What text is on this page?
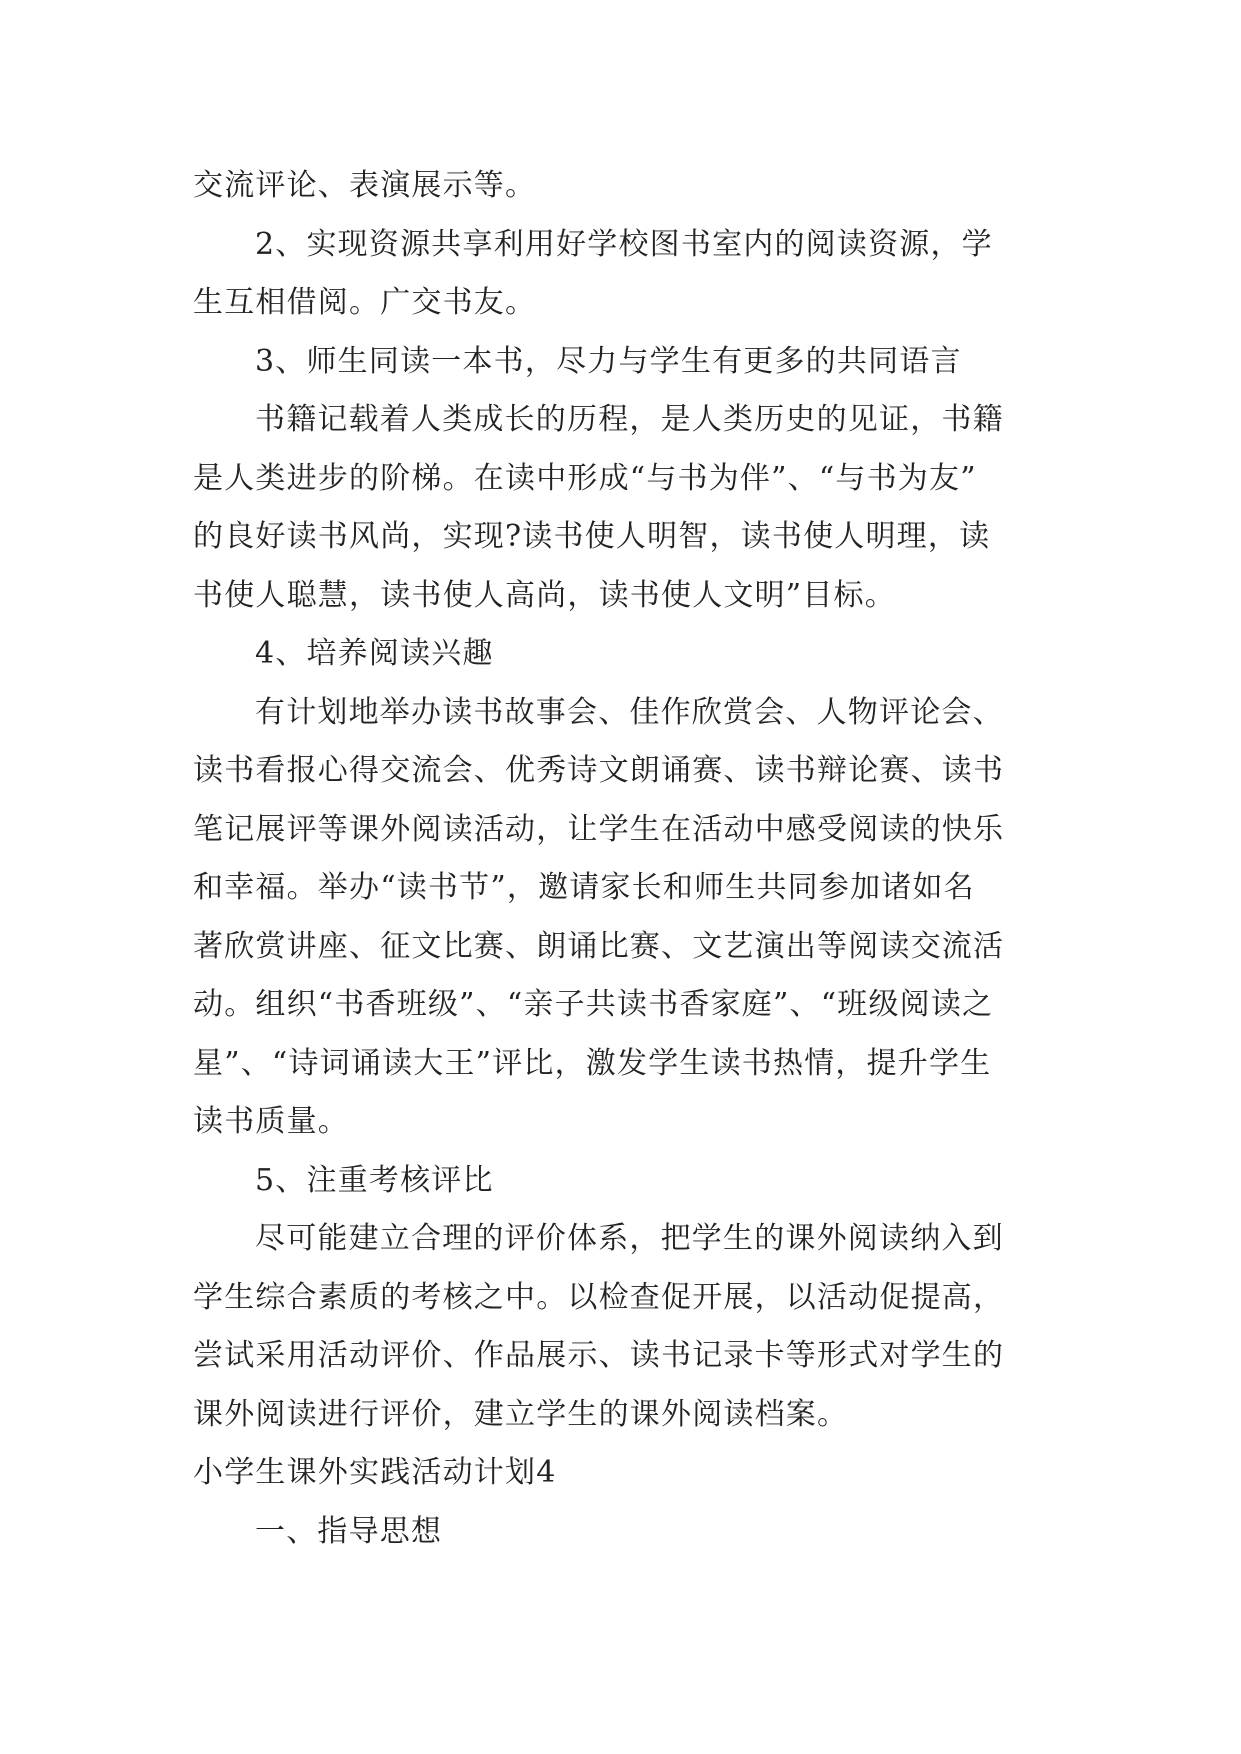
交流评论、表演展示等。
2、实现资源共享利用好学校图书室内的阅读资源，学
生互相借阅。广交书友。
3、师生同读一本书，尽力与学生有更多的共同语言
书籍记载着人类成长的历程，是人类历史的见证，书籍
是人类进步的阶梯。在读中形成“与书为伴”、“与书为友”
的良好读书风尚，实现?读书使人明智，读书使人明理，读
书使人聪慧，读书使人高尚，读书使人文明”目标。
4、培养阅读兴趣
有计划地举办读书故事会、佳作欣赏会、人物评论会、
读书看报心得交流会、优秀诗文朗诵赛、读书辩论赛、读书
笔记展评等课外阅读活动，让学生在活动中感受阅读的快乐
和幸福。举办“读书节”，邀请家长和师生共同参加诸如名
著欣赏讲座、征文比赛、朗诵比赛、文艺演出等阅读交流活
动。组织“书香班级”、“亲子共读书香家庭”、“班级阅读之
星”、“诗词诵读大王”评比，激发学生读书热情，提升学生
读书质量。
5、注重考核评比
尽可能建立合理的评价体系，把学生的课外阅读纳入到
学生综合素质的考核之中。以检查促开展，以活动促提高，
尝试采用活动评价、作品展示、读书记录卡等形式对学生的
课外阅读进行评价，建立学生的课外阅读档案。
小学生课外实践活动计划4
一、指导思想
